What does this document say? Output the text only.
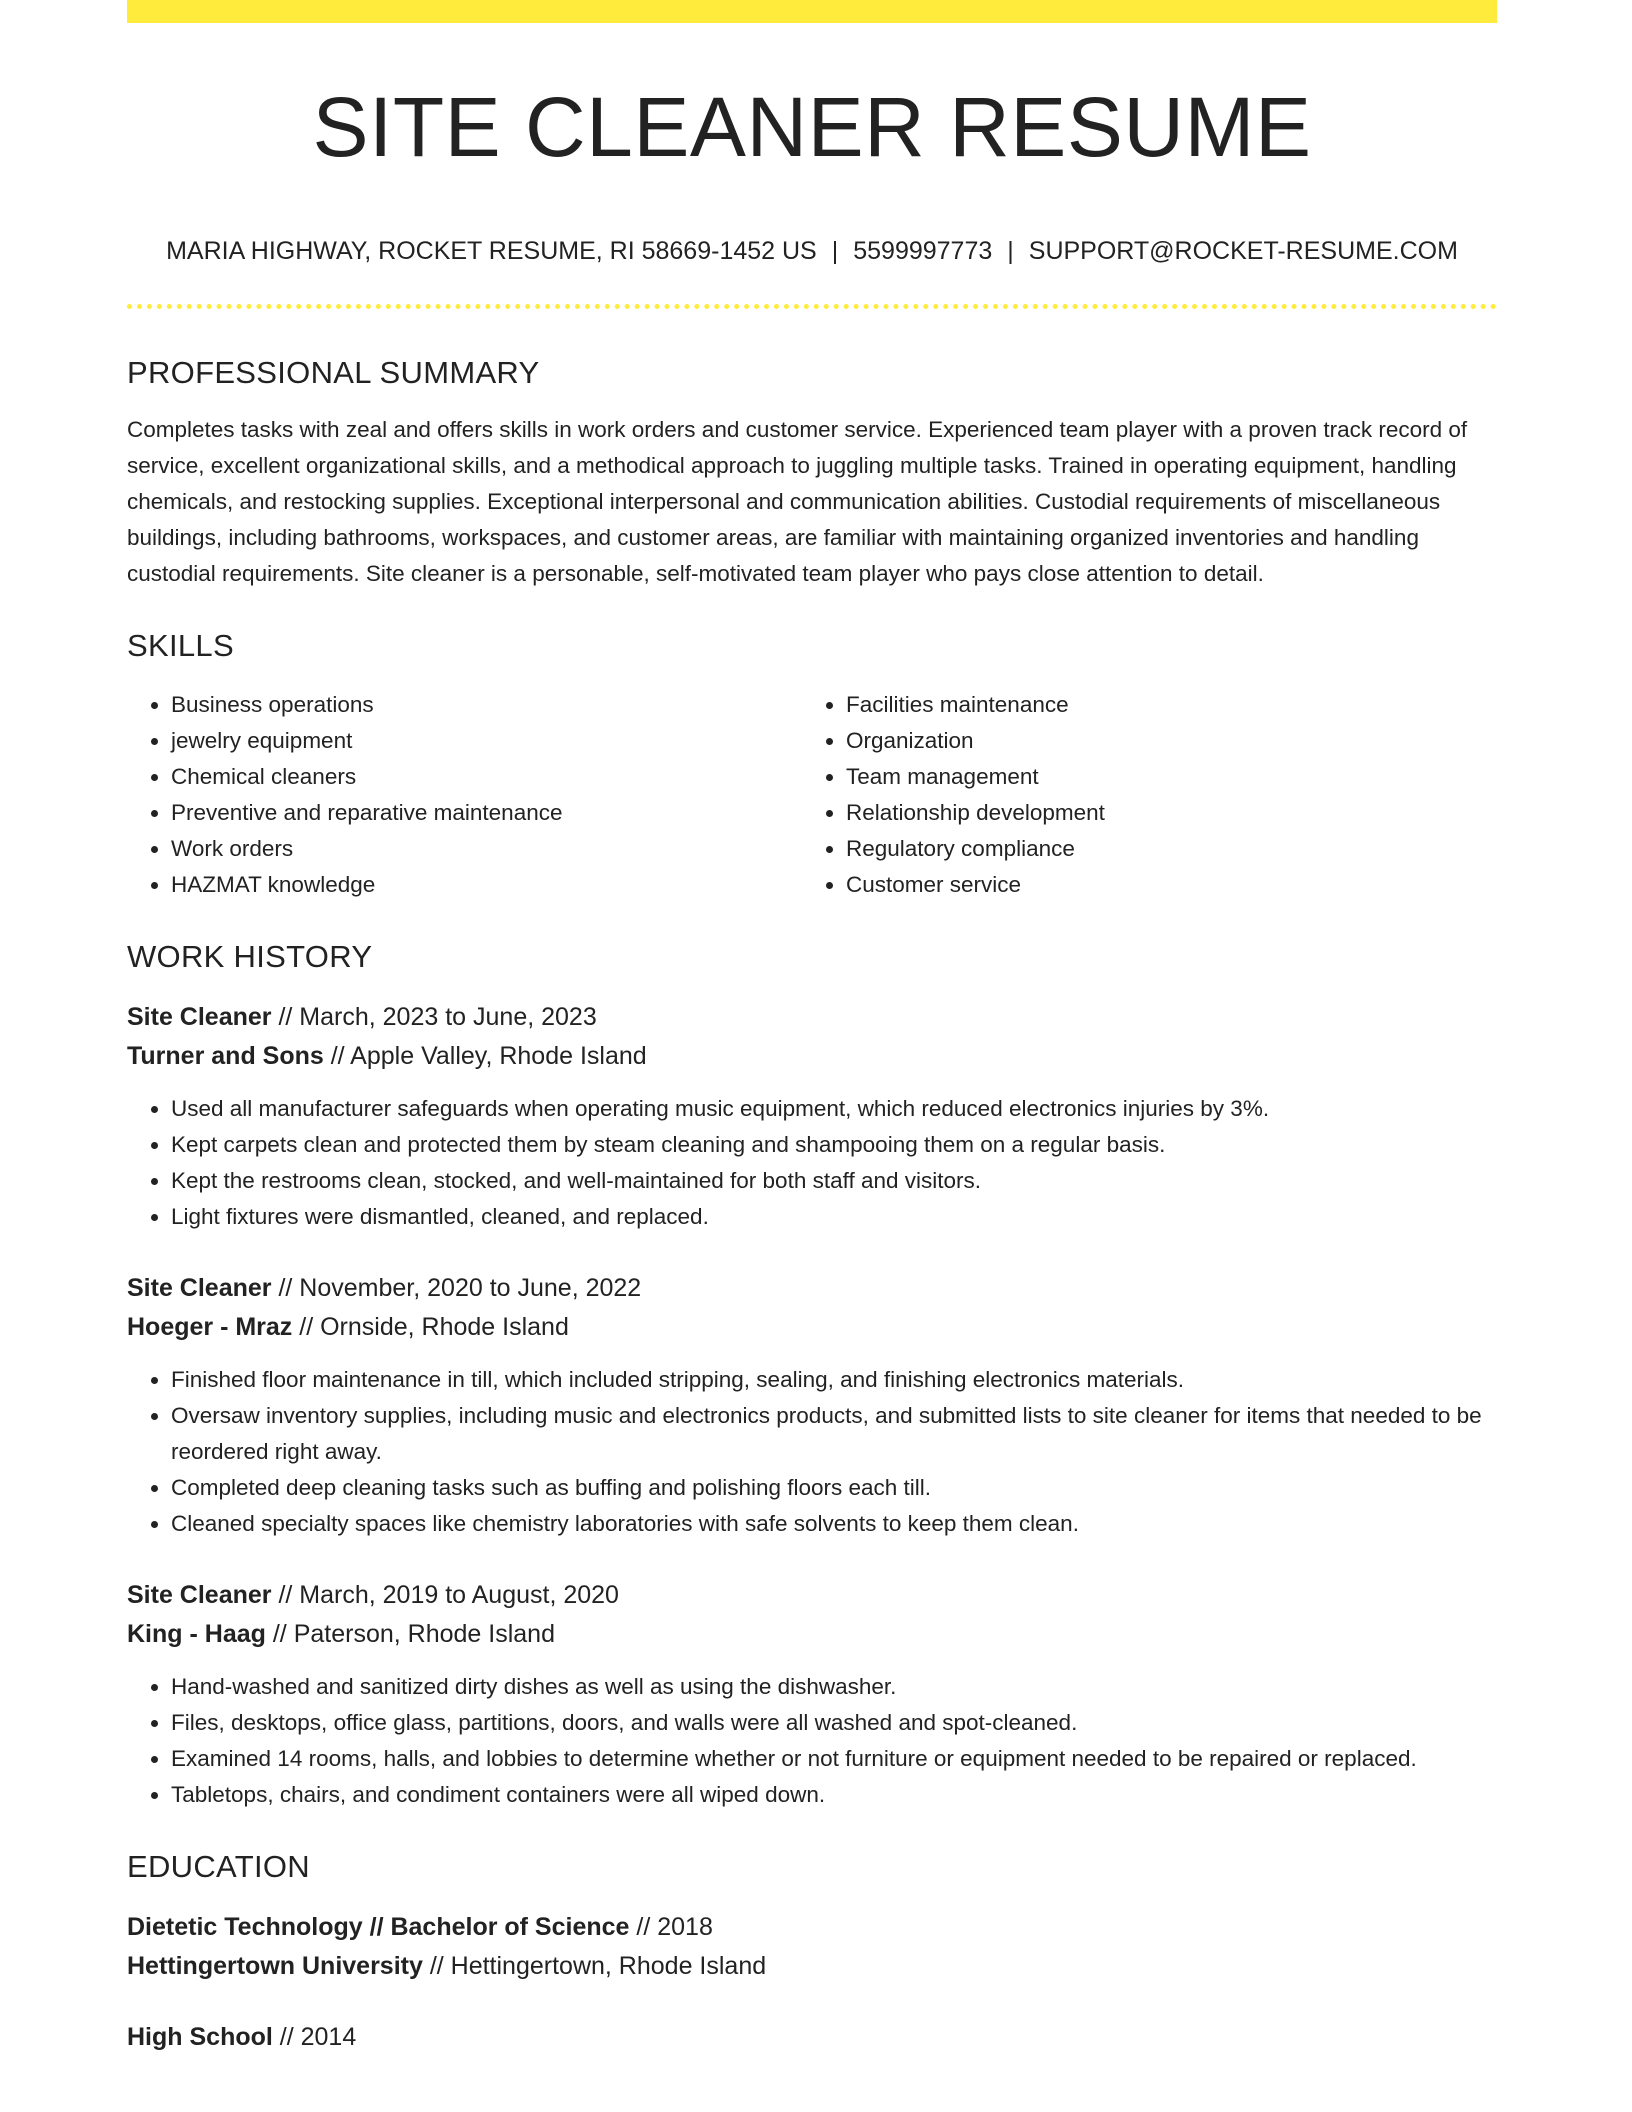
SITE CLEANER RESUME
MARIA HIGHWAY, ROCKET RESUME, RI 58669-1452 US | 5599997773 | SUPPORT@ROCKET-RESUME.COM
PROFESSIONAL SUMMARY

Completes tasks with zeal and offers skills in work orders and customer service. Experienced team player with a proven track record of service, excellent organizational skills, and a methodical approach to juggling multiple tasks. Trained in operating equipment, handling chemicals, and restocking supplies. Exceptional interpersonal and communication abilities. Custodial requirements of miscellaneous buildings, including bathrooms, workspaces, and customer areas, are familiar with maintaining organized inventories and handling custodial requirements. Site cleaner is a personable, self-motivated team player who pays close attention to detail.

SKILLS
• Business operations
• jewelry equipment
• Chemical cleaners
• Preventive and reparative maintenance
• Work orders
• HAZMAT knowledge
• Facilities maintenance
• Organization
• Team management
• Relationship development
• Regulatory compliance
• Customer service
WORK HISTORY
Site Cleaner // March, 2023 to June, 2023
Turner and Sons // Apple Valley, Rhode Island
• Used all manufacturer safeguards when operating music equipment, which reduced electronics injuries by 3%.
• Kept carpets clean and protected them by steam cleaning and shampooing them on a regular basis.
• Kept the restrooms clean, stocked, and well-maintained for both staff and visitors.
• Light fixtures were dismantled, cleaned, and replaced.
Site Cleaner // November, 2020 to June, 2022
Hoeger - Mraz // Ornside, Rhode Island
• Finished floor maintenance in till, which included stripping, sealing, and finishing electronics materials.
• Oversaw inventory supplies, including music and electronics products, and submitted lists to site cleaner for items that needed to be reordered right away.
• Completed deep cleaning tasks such as buffing and polishing floors each till.
• Cleaned specialty spaces like chemistry laboratories with safe solvents to keep them clean.
Site Cleaner // March, 2019 to August, 2020
King - Haag // Paterson, Rhode Island
• Hand-washed and sanitized dirty dishes as well as using the dishwasher.
• Files, desktops, office glass, partitions, doors, and walls were all washed and spot-cleaned.
• Examined 14 rooms, halls, and lobbies to determine whether or not furniture or equipment needed to be repaired or replaced.
• Tabletops, chairs, and condiment containers were all wiped down.
EDUCATION
Dietetic Technology // Bachelor of Science // 2018
Hettingertown University // Hettingertown, Rhode Island
High School // 2014
